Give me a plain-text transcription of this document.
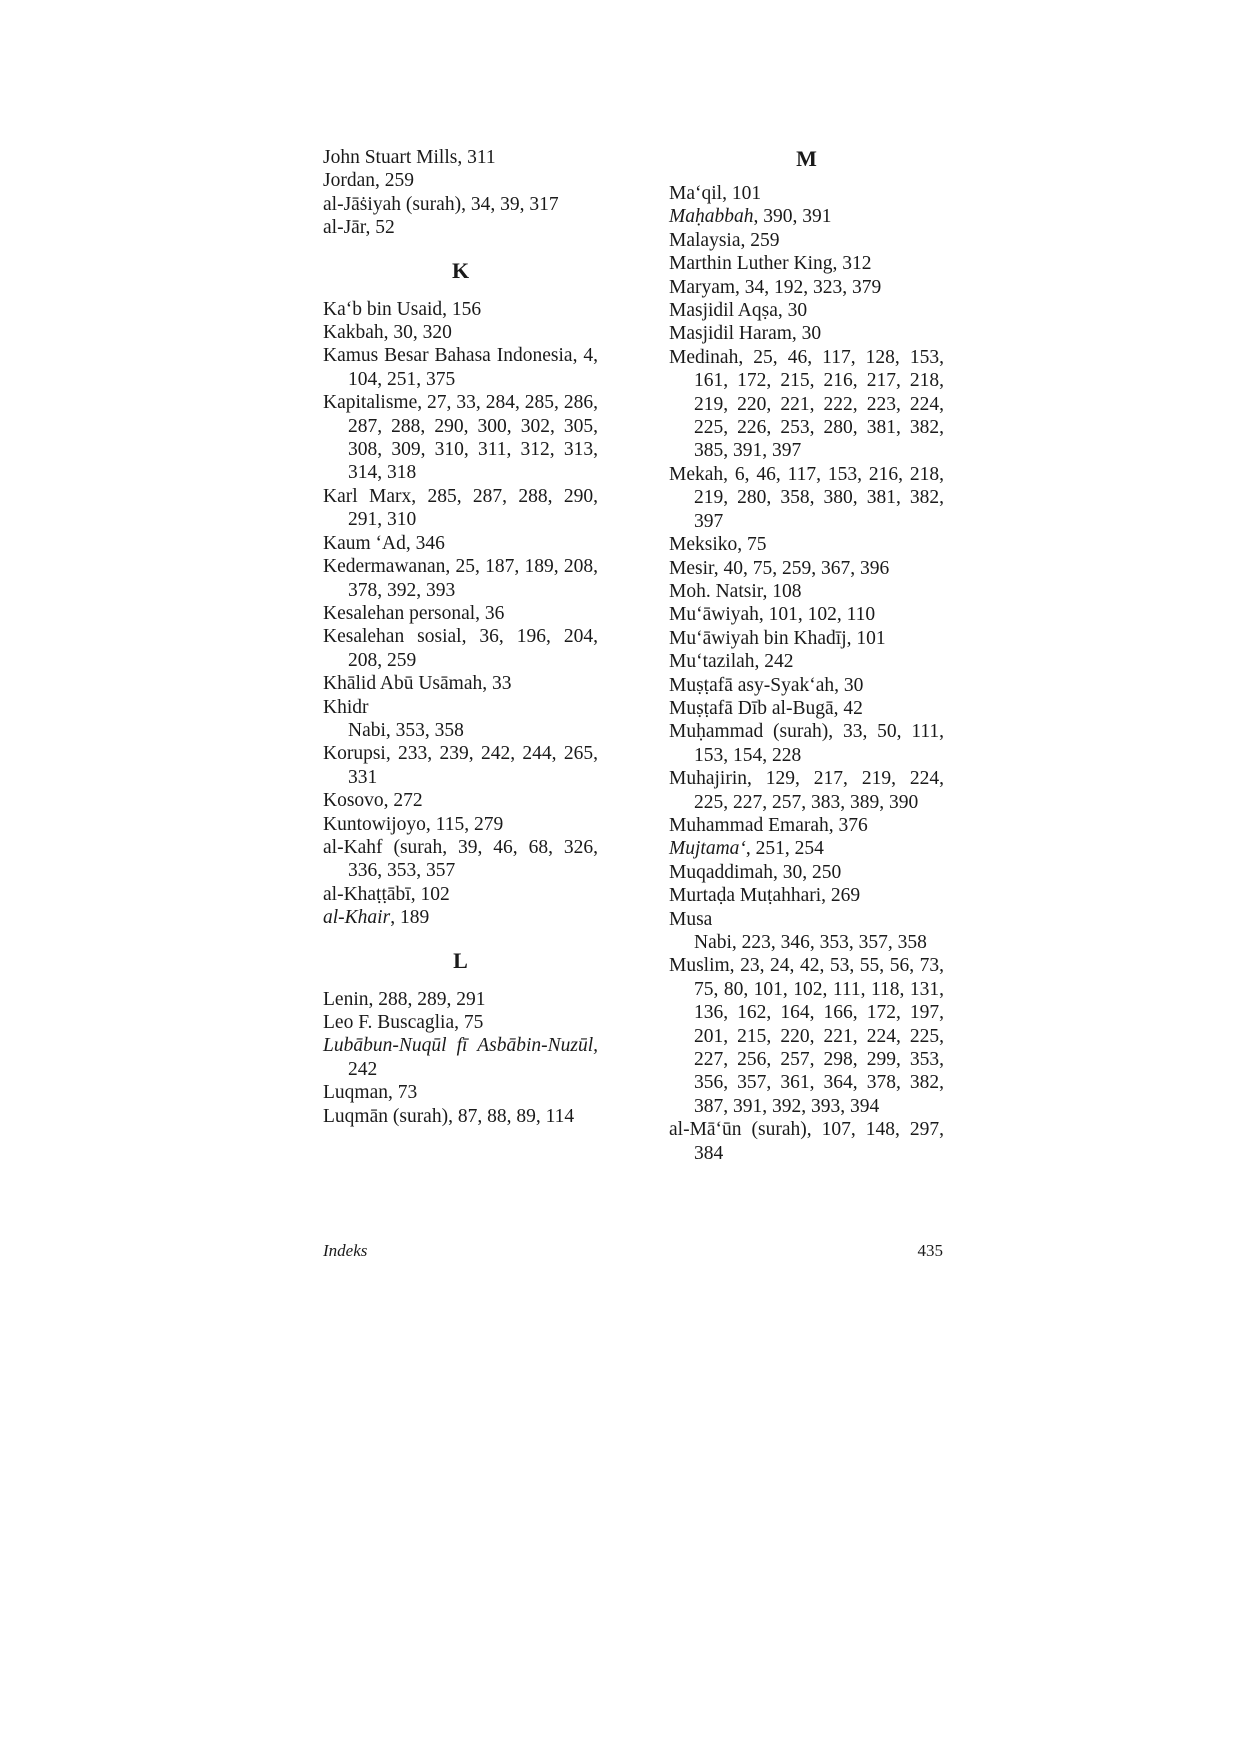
John Stuart Mills, 311
Jordan, 259
al-Jāṡiyah (surah), 34, 39, 317
al-Jār, 52
K
Ka‘b bin Usaid, 156
Kakbah, 30, 320
Kamus Besar Bahasa Indonesia, 4, 104, 251, 375
Kapitalisme, 27, 33, 284, 285, 286, 287, 288, 290, 300, 302, 305, 308, 309, 310, 311, 312, 313, 314, 318
Karl Marx, 285, 287, 288, 290, 291, 310
Kaum ‘Ad, 346
Kedermawanan, 25, 187, 189, 208, 378, 392, 393
Kesalehan personal, 36
Kesalehan sosial, 36, 196, 204, 208, 259
Khālid Abū Usāmah, 33
Khidr
Nabi, 353, 358
Korupsi, 233, 239, 242, 244, 265, 331
Kosovo, 272
Kuntowijoyo, 115, 279
al-Kahf (surah, 39, 46, 68, 326, 336, 353, 357
al-Khaṭṭābī, 102
al-Khair, 189
L
Lenin, 288, 289, 291
Leo F. Buscaglia, 75
Lubābun-Nuqūl fī Asbābin-Nuzūl, 242
Luqman, 73
Luqmān (surah), 87, 88, 89, 114
M
Ma‘qil, 101
Maḥabbah, 390, 391
Malaysia, 259
Marthin Luther King, 312
Maryam, 34, 192, 323, 379
Masjidil Aqṣa, 30
Masjidil Haram, 30
Medinah, 25, 46, 117, 128, 153, 161, 172, 215, 216, 217, 218, 219, 220, 221, 222, 223, 224, 225, 226, 253, 280, 381, 382, 385, 391, 397
Mekah, 6, 46, 117, 153, 216, 218, 219, 280, 358, 380, 381, 382, 397
Meksiko, 75
Mesir, 40, 75, 259, 367, 396
Moh. Natsir, 108
Mu‘āwiyah, 101, 102, 110
Mu‘āwiyah bin Khadīj, 101
Mu‘tazilah, 242
Muṣṭafā asy-Syak‘ah, 30
Muṣṭafā Dīb al-Bugā, 42
Muḥammad (surah), 33, 50, 111, 153, 154, 228
Muhajirin, 129, 217, 219, 224, 225, 227, 257, 383, 389, 390
Muhammad Emarah, 376
Mujtama‘, 251, 254
Muqaddimah, 30, 250
Murtaḍa Muṭahhari, 269
Musa
Nabi, 223, 346, 353, 357, 358
Muslim, 23, 24, 42, 53, 55, 56, 73, 75, 80, 101, 102, 111, 118, 131, 136, 162, 164, 166, 172, 197, 201, 215, 220, 221, 224, 225, 227, 256, 257, 298, 299, 353, 356, 357, 361, 364, 378, 382, 387, 391, 392, 393, 394
al-Mā‘ūn (surah), 107, 148, 297, 384
Indeks	435
